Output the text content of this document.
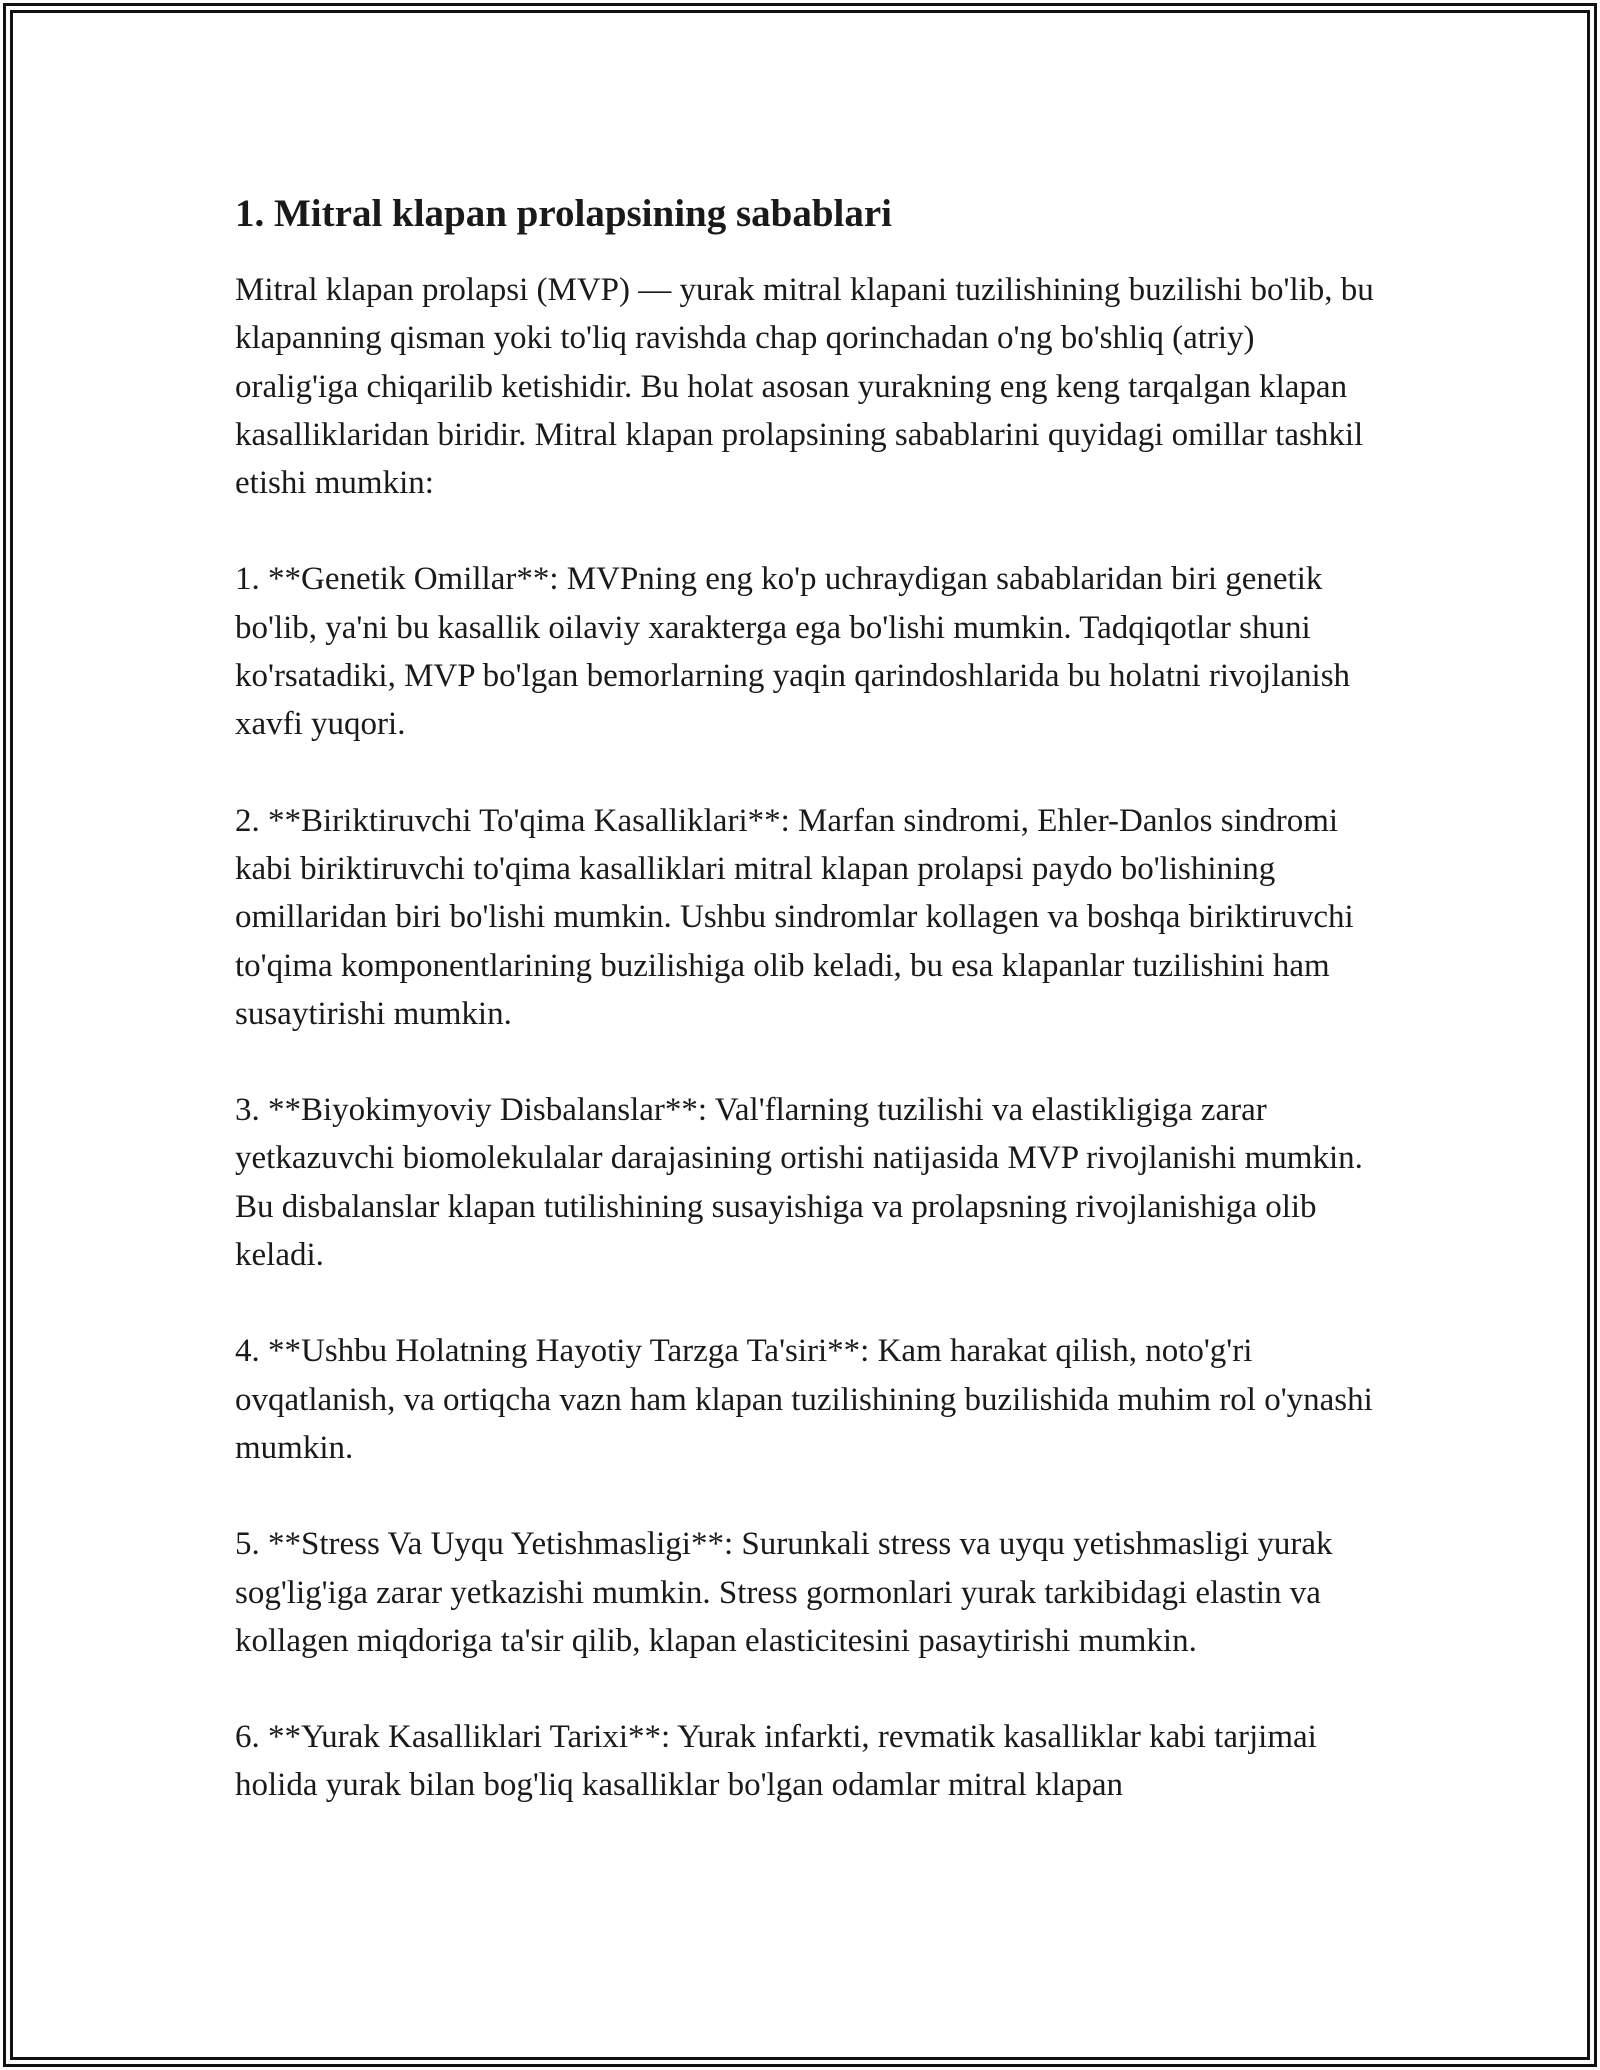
1. Mitral klapan prolapsining sabablari

Mitral klapan prolapsi (MVP) — yurak mitral klapani tuzilishining buzilishi bo'lib, bu klapanning qisman yoki to'liq ravishda chap qorinchadan o'ng bo'shliq (atriy) oralig'iga chiqarilib ketishidir. Bu holat asosan yurakning eng keng tarqalgan klapan kasalliklaridan biridir. Mitral klapan prolapsining sabablarini quyidagi omillar tashkil etishi mumkin:

1. **Genetik Omillar**: MVPning eng ko'p uchraydigan sabablaridan biri genetik bo'lib, ya'ni bu kasallik oilaviy xarakterga ega bo'lishi mumkin. Tadqiqotlar shuni ko'rsatadiki, MVP bo'lgan bemorlarning yaqin qarindoshlarida bu holatni rivojlanish xavfi yuqori.

2. **Biriktiruvchi To'qima Kasalliklari**: Marfan sindromi, Ehler-Danlos sindromi kabi biriktiruvchi to'qima kasalliklari mitral klapan prolapsi paydo bo'lishining omillaridan biri bo'lishi mumkin. Ushbu sindromlar kollagen va boshqa biriktiruvchi to'qima komponentlarining buzilishiga olib keladi, bu esa klapanlar tuzilishini ham susaytirishi mumkin.

3. **Biyokimyoviy Disbalanslar**: Val'flarning tuzilishi va elastikligiga zarar yetkazuvchi biomolekulalar darajasining ortishi natijasida MVP rivojlanishi mumkin. Bu disbalanslar klapan tutilishining susayishiga va prolapsning rivojlanishiga olib keladi.

4. **Ushbu Holatning Hayotiy Tarzga Ta'siri**: Kam harakat qilish, noto'g'ri ovqatlanish, va ortiqcha vazn ham klapan tuzilishining buzilishida muhim rol o'ynashi mumkin.

5. **Stress Va Uyqu Yetishmasligi**: Surunkali stress va uyqu yetishmasligi yurak sog'lig'iga zarar yetkazishi mumkin. Stress gormonlari yurak tarkibidagi elastin va kollagen miqdoriga ta'sir qilib, klapan elasticitesini pasaytirishi mumkin.

6. **Yurak Kasalliklari Tarixi**: Yurak infarkti, revmatik kasalliklar kabi tarjimai holida yurak bilan bog'liq kasalliklar bo'lgan odamlar mitral klapan
